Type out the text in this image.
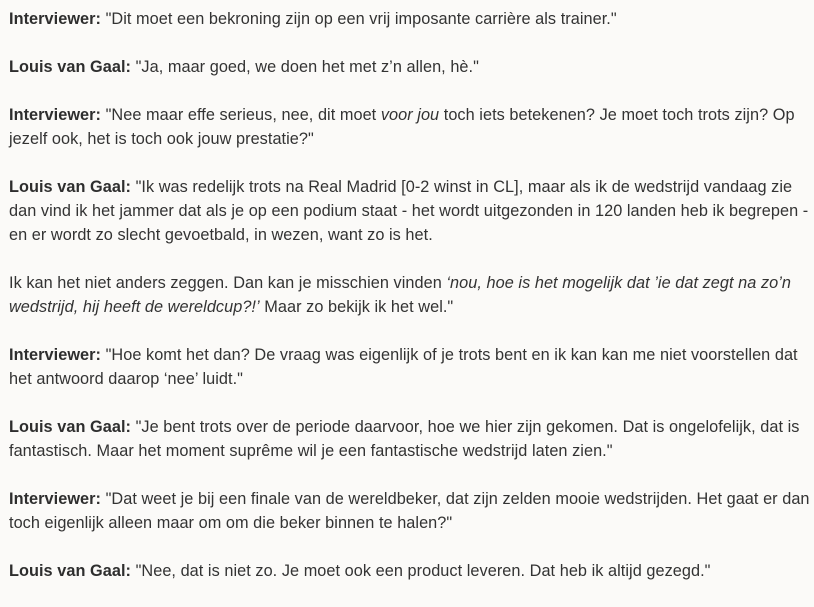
Interviewer: "Dit moet een bekroning zijn op een vrij imposante carrière als trainer."

Louis van Gaal: "Ja, maar goed, we doen het met z’n allen, hè."

Interviewer: "Nee maar effe serieus, nee, dit moet voor jou toch iets betekenen? Je moet toch trots zijn? Op jezelf ook, het is toch ook jouw prestatie?"

Louis van Gaal: "Ik was redelijk trots na Real Madrid [0-2 winst in CL], maar als ik de wedstrijd vandaag zie dan vind ik het jammer dat als je op een podium staat - het wordt uitgezonden in 120 landen heb ik begrepen - en er wordt zo slecht gevoetbald, in wezen, want zo is het.

Ik kan het niet anders zeggen. Dan kan je misschien vinden ‘nou, hoe is het mogelijk dat ’ie dat zegt na zo’n wedstrijd, hij heeft de wereldcup?!’ Maar zo bekijk ik het wel."

Interviewer: "Hoe komt het dan? De vraag was eigenlijk of je trots bent en ik kan kan me niet voorstellen dat het antwoord daarop ‘nee’ luidt."

Louis van Gaal: "Je bent trots over de periode daarvoor, hoe we hier zijn gekomen. Dat is ongelofelijk, dat is fantastisch. Maar het moment suprême wil je een fantastische wedstrijd laten zien."

Interviewer: "Dat weet je bij een finale van de wereldbeker, dat zijn zelden mooie wedstrijden. Het gaat er dan toch eigenlijk alleen maar om om die beker binnen te halen?"

Louis van Gaal: "Nee, dat is niet zo. Je moet ook een product leveren. Dat heb ik altijd gezegd."
